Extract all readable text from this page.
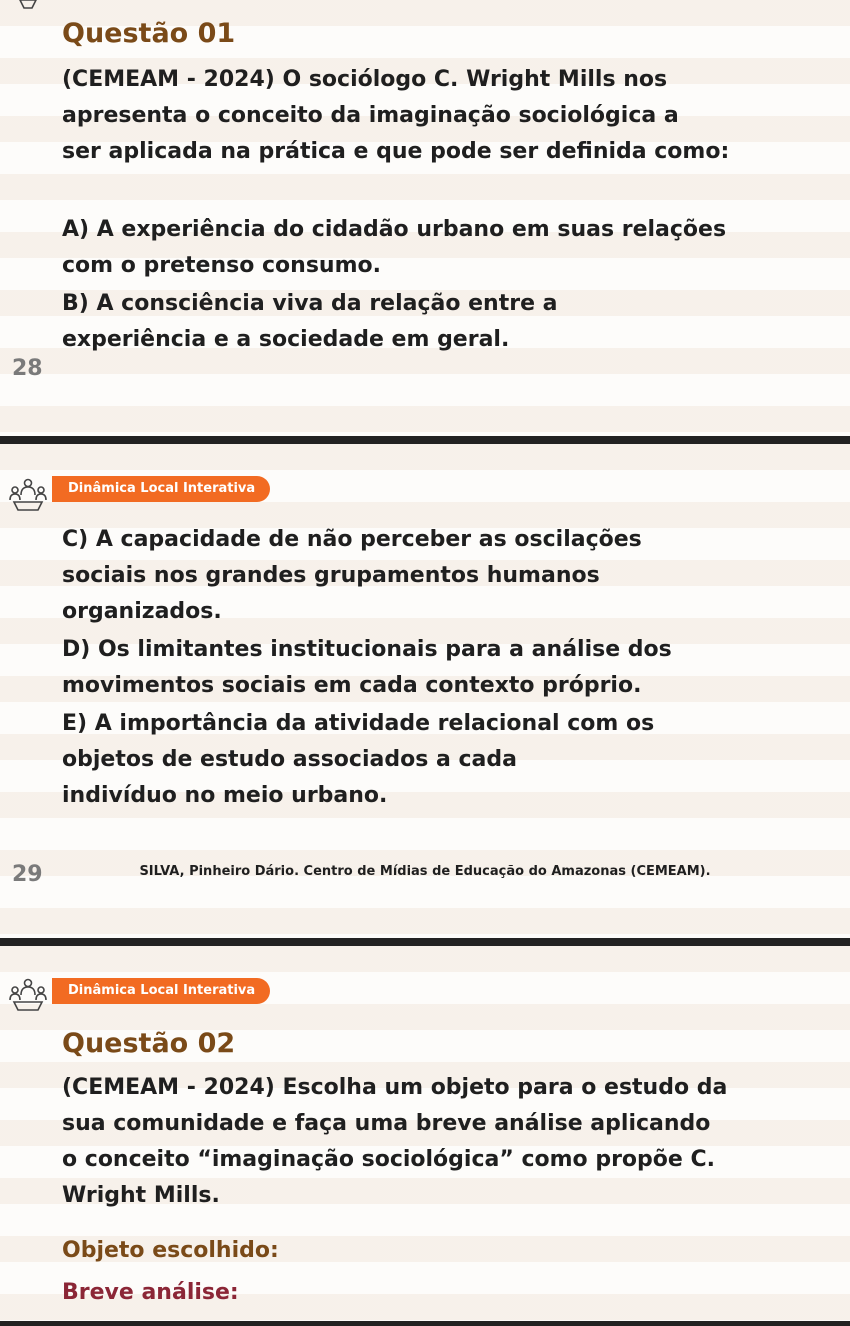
Questão 01
(CEMEAM - 2024) O sociólogo C. Wright Mills nos
apresenta o conceito da imaginação sociológica a
ser aplicada na prática e que pode ser definida como:
A) A experiência do cidadão urbano em suas relações
com o pretenso consumo.
B) A consciência viva da relação entre a
experiência e a sociedade em geral.
28
Dinâmica Local Interativa
C) A capacidade de não perceber as oscilações
sociais nos grandes grupamentos humanos
organizados.
D) Os limitantes institucionais para a análise dos
movimentos sociais em cada contexto próprio.
E) A importância da atividade relacional com os
objetos de estudo associados a cada
indivíduo no meio urbano.
SILVA, Pinheiro Dário. Centro de Mídias de Educação do Amazonas (CEMEAM).
29
Dinâmica Local Interativa
Questão 02
(CEMEAM - 2024) Escolha um objeto para o estudo da
sua comunidade e faça uma breve análise aplicando
o conceito “imaginação sociológica” como propõe C.
Wright Mills.
Objeto escolhido:
Breve análise:
